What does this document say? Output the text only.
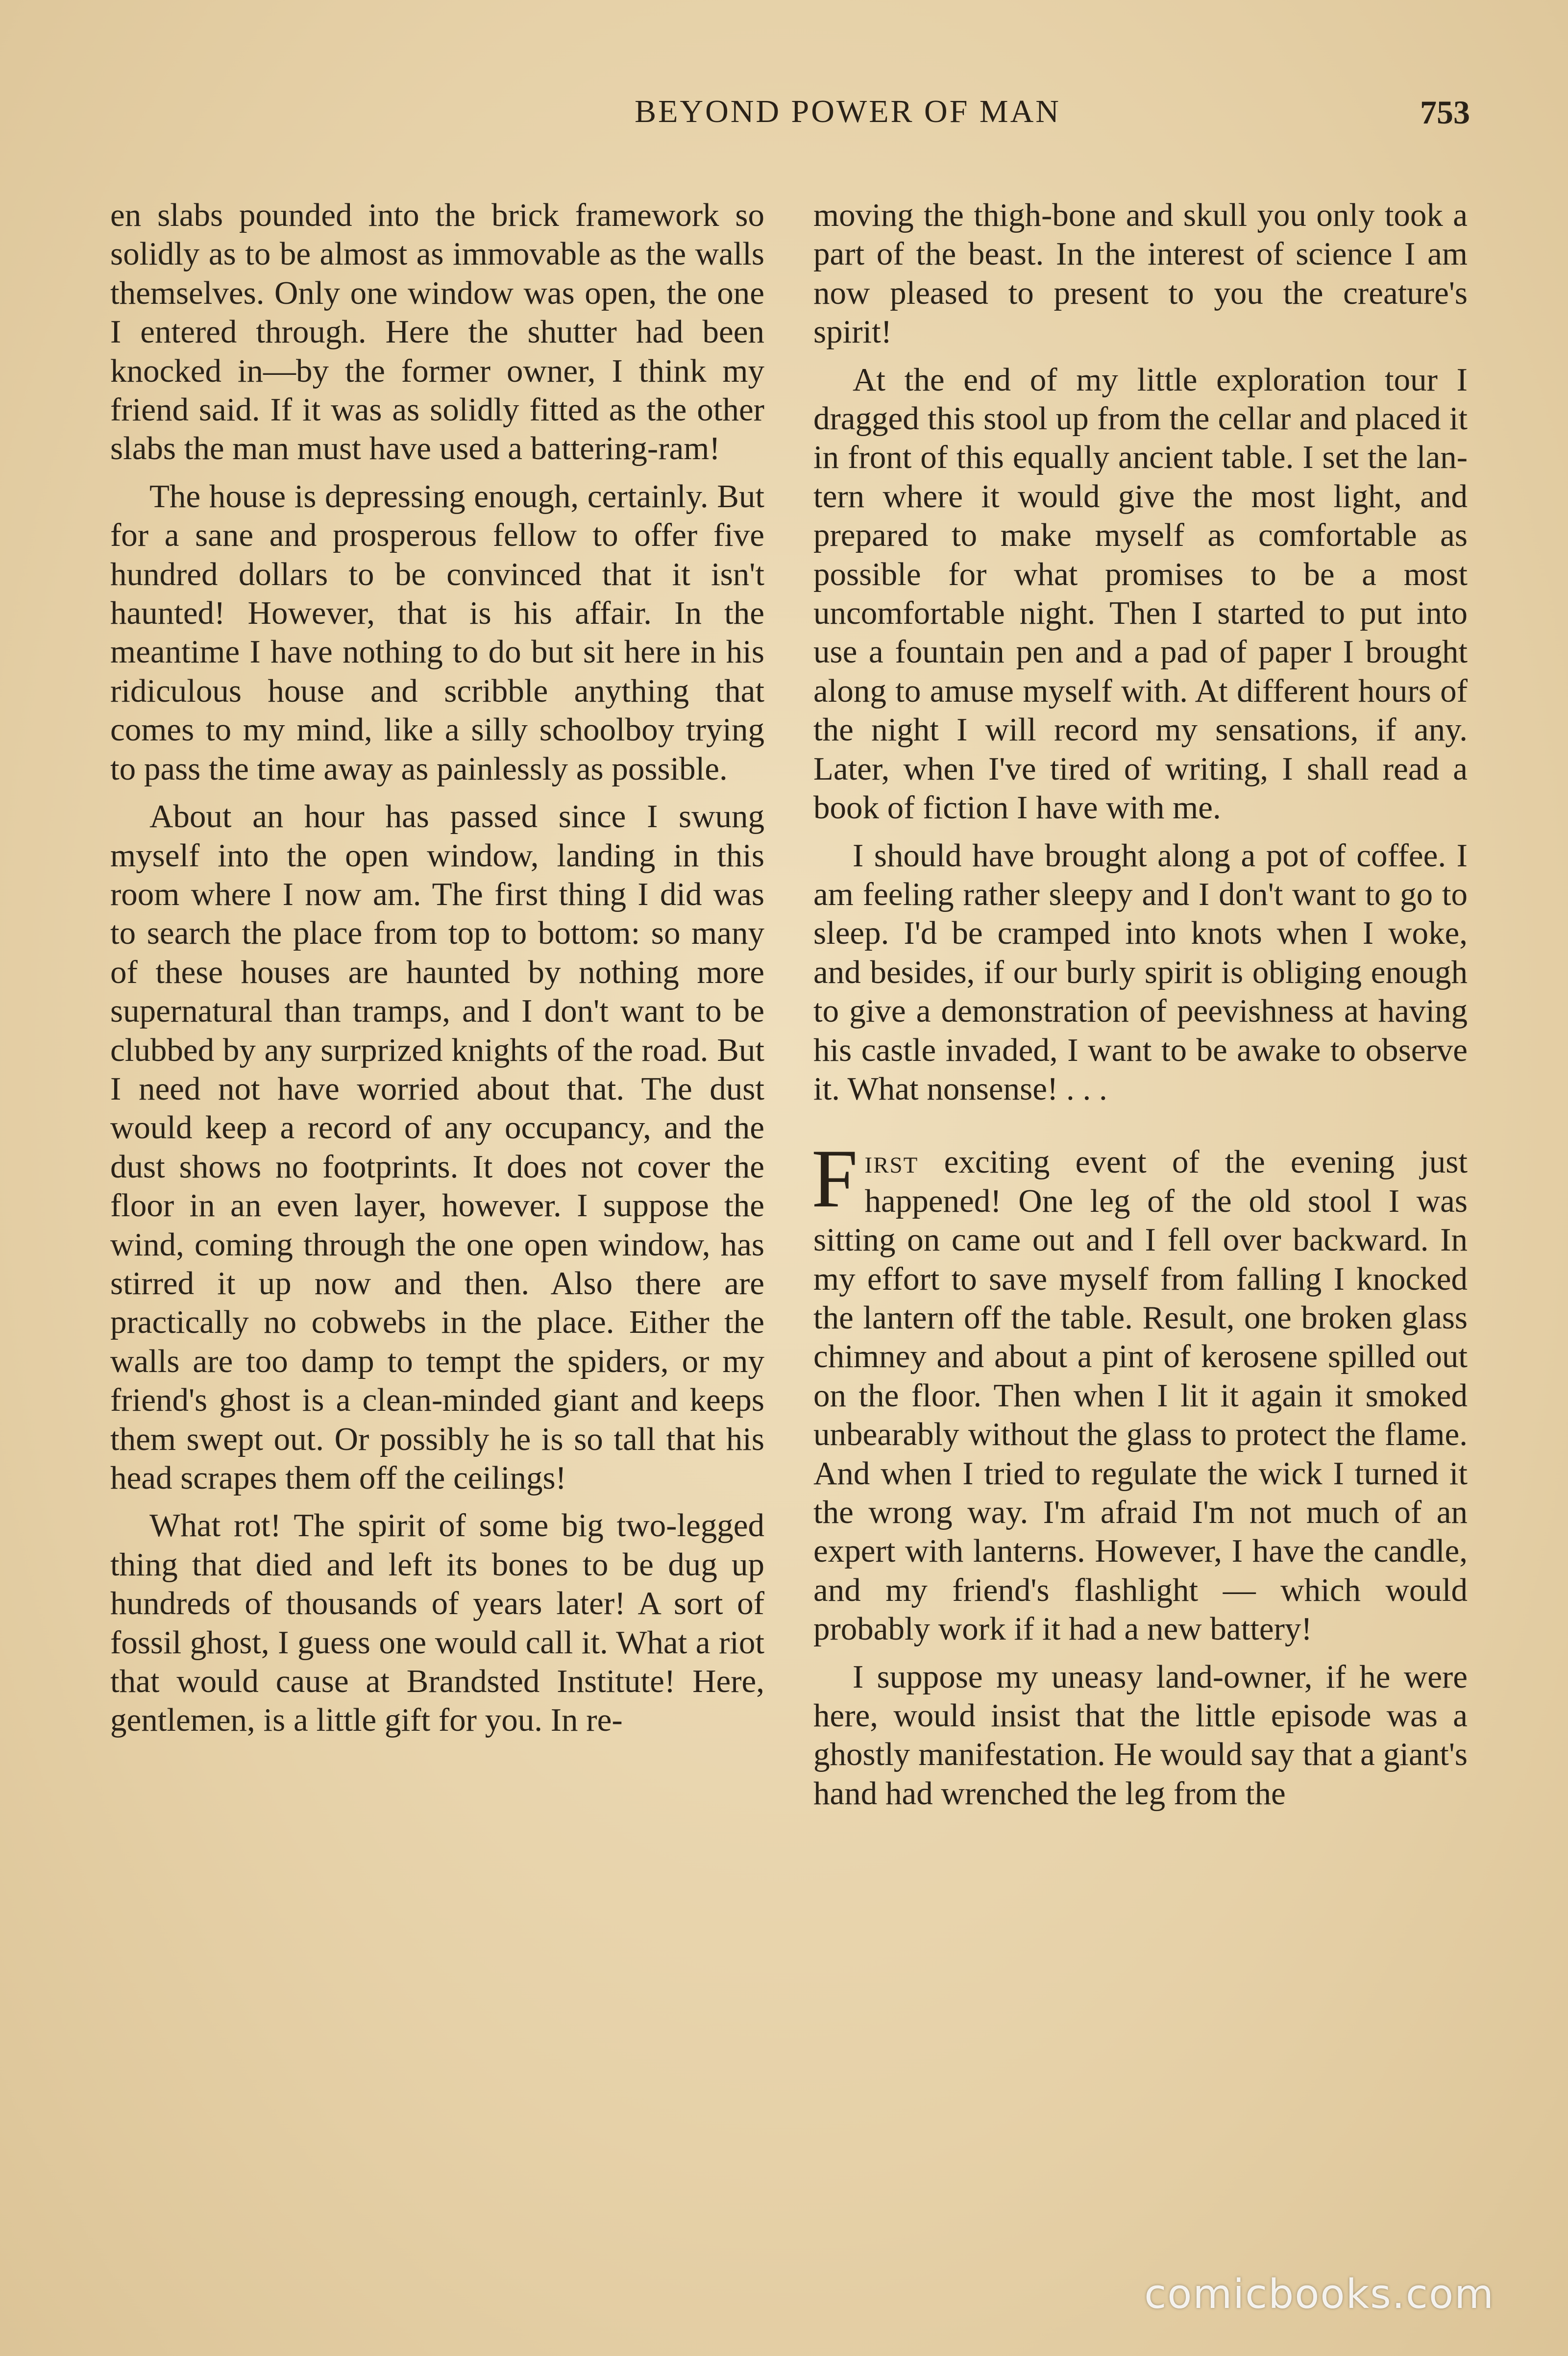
BEYOND POWER OF MAN	753

en slabs pounded into the brick framework so solidly as to be almost as immovable as the walls themselves. Only one window was open, the one I entered through. Here the shutter had been knocked in—by the former owner, I think my friend said. If it was as solidly fitted as the other slabs the man must have used a battering-ram!

The house is depressing enough, certainly. But for a sane and prosperous fellow to offer five hundred dollars to be convinced that it isn't haunted! However, that is his affair. In the meantime I have nothing to do but sit here in his ridiculous house and scribble anything that comes to my mind, like a silly schoolboy trying to pass the time away as painlessly as possible.

About an hour has passed since I swung myself into the open window, landing in this room where I now am. The first thing I did was to search the place from top to bottom: so many of these houses are haunted by nothing more supernatural than tramps, and I don't want to be clubbed by any surprized knights of the road. But I need not have worried about that. The dust would keep a record of any occupancy, and the dust shows no footprints. It does not cover the floor in an even layer, however. I suppose the wind, coming through the one open window, has stirred it up now and then. Also there are practically no cobwebs in the place. Either the walls are too damp to tempt the spiders, or my friend's ghost is a clean-minded giant and keeps them swept out. Or possibly he is so tall that his head scrapes them off the ceilings!

What rot! The spirit of some big two-legged thing that died and left its bones to be dug up hundreds of thousands of years later! A sort of fossil ghost, I guess one would call it. What a riot that would cause at Brandsted Institute! Here, gentlemen, is a little gift for you. In re-

moving the thigh-bone and skull you only took a part of the beast. In the interest of science I am now pleased to present to you the creature's spirit!

At the end of my little exploration tour I dragged this stool up from the cellar and placed it in front of this equally ancient table. I set the lantern where it would give the most light, and prepared to make myself as comfortable as possible for what promises to be a most uncomfortable night. Then I started to put into use a fountain pen and a pad of paper I brought along to amuse myself with. At different hours of the night I will record my sensations, if any. Later, when I've tired of writing, I shall read a book of fiction I have with me.

I should have brought along a pot of coffee. I am feeling rather sleepy and I don't want to go to sleep. I'd be cramped into knots when I woke, and besides, if our burly spirit is obliging enough to give a demonstration of peevishness at having his castle invaded, I want to be awake to observe it. What nonsense! . . .

First exciting event of the evening just happened! One leg of the old stool I was sitting on came out and I fell over backward. In my effort to save myself from falling I knocked the lantern off the table. Result, one broken glass chimney and about a pint of kerosene spilled out on the floor. Then when I lit it again it smoked unbearably without the glass to protect the flame. And when I tried to regulate the wick I turned it the wrong way. I'm afraid I'm not much of an expert with lanterns. However, I have the candle, and my friend's flashlight — which would probably work if it had a new battery!

I suppose my uneasy land-owner, if he were here, would insist that the little episode was a ghostly manifestation. He would say that a giant's hand had wrenched the leg from the

comicbooks.com
